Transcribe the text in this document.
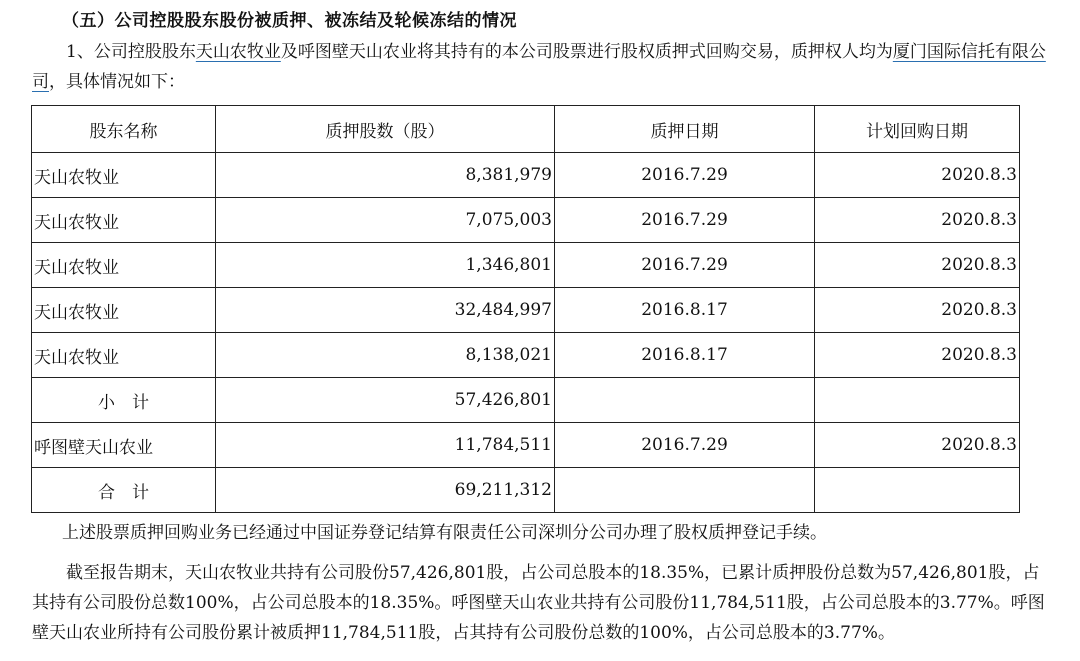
（五）公司控股股东股份被质押、被冻结及轮候冻结的情况
1、公司控股股东天山农牧业及呼图壁天山农业将其持有的本公司股票进行股权质押式回购交易，质押权人均为厦门国际信托有限公司，具体情况如下：
股东名称	质押股数（股）	质押日期	计划回购日期
天山农牧业	8,381,979	2016.7.29	2020.8.3
天山农牧业	7,075,003	2016.7.29	2020.8.3
天山农牧业	1,346,801	2016.7.29	2020.8.3
天山农牧业	32,484,997	2016.8.17	2020.8.3
天山农牧业	8,138,021	2016.8.17	2020.8.3
小　计	57,426,801		
呼图壁天山农业	11,784,511	2016.7.29	2020.8.3
合　计	69,211,312		
上述股票质押回购业务已经通过中国证券登记结算有限责任公司深圳分公司办理了股权质押登记手续。
截至报告期末，天山农牧业共持有公司股份57,426,801股，占公司总股本的18.35%，已累计质押股份总数为57,426,801股，占其持有公司股份总数100%，占公司总股本的18.35%。呼图壁天山农业共持有公司股份11,784,511股，占公司总股本的3.77%。呼图壁天山农业所持有公司股份累计被质押11,784,511股，占其持有公司股份总数的100%，占公司总股本的3.77%。
